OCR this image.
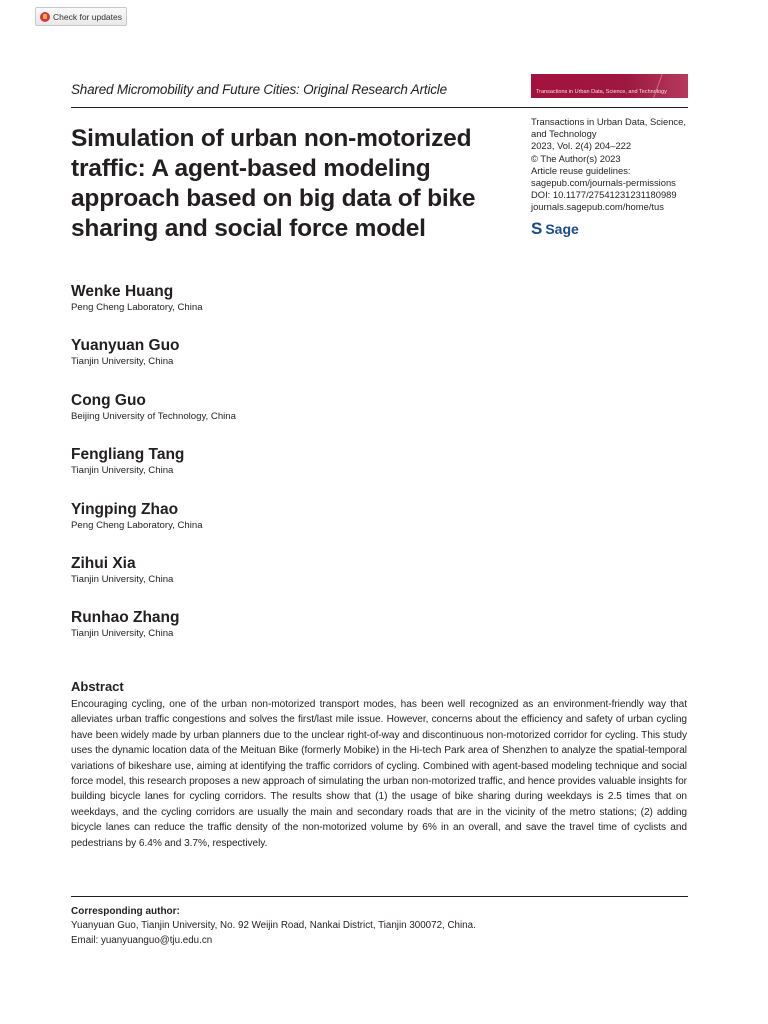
Check for updates
Shared Micromobility and Future Cities: Original Research Article	Transactions in Urban Data, Science, and Technology
Simulation of urban non-motorized traffic: A agent-based modeling approach based on big data of bike sharing and social force model
Transactions in Urban Data, Science,
and Technology
2023, Vol. 2(4) 204–222
© The Author(s) 2023
Article reuse guidelines:
sagepub.com/journals-permissions
DOI: 10.1177/27541231231180989
journals.sagepub.com/home/tus
S Sage
Wenke Huang
Peng Cheng Laboratory, China
Yuanyuan Guo
Tianjin University, China
Cong Guo
Beijing University of Technology, China
Fengliang Tang
Tianjin University, China
Yingping Zhao
Peng Cheng Laboratory, China
Zihui Xia
Tianjin University, China
Runhao Zhang
Tianjin University, China
Abstract

Encouraging cycling, one of the urban non-motorized transport modes, has been well recognized as an environment-friendly way that alleviates urban traffic congestions and solves the first/last mile issue. However, concerns about the efficiency and safety of urban cycling have been widely made by urban planners due to the unclear right-of-way and discontinuous non-motorized corridor for cycling. This study uses the dynamic location data of the Meituan Bike (formerly Mobike) in the Hi-tech Park area of Shenzhen to analyze the spatial-temporal variations of bikeshare use, aiming at identifying the traffic corridors of cycling. Combined with agent-based modeling technique and social force model, this research proposes a new approach of simulating the urban non-motorized traffic, and hence provides valuable insights for building bicycle lanes for cycling corridors. The results show that (1) the usage of bike sharing during weekdays is 2.5 times that on weekdays, and the cycling corridors are usually the main and secondary roads that are in the vicinity of the metro stations; (2) adding bicycle lanes can reduce the traffic density of the non-motorized volume by 6% in an overall, and save the travel time of cyclists and pedestrians by 6.4% and 3.7%, respectively.

Corresponding author:
Yuanyuan Guo, Tianjin University, No. 92 Weijin Road, Nankai District, Tianjin 300072, China.
Email: yuanyuanguo@tju.edu.cn
